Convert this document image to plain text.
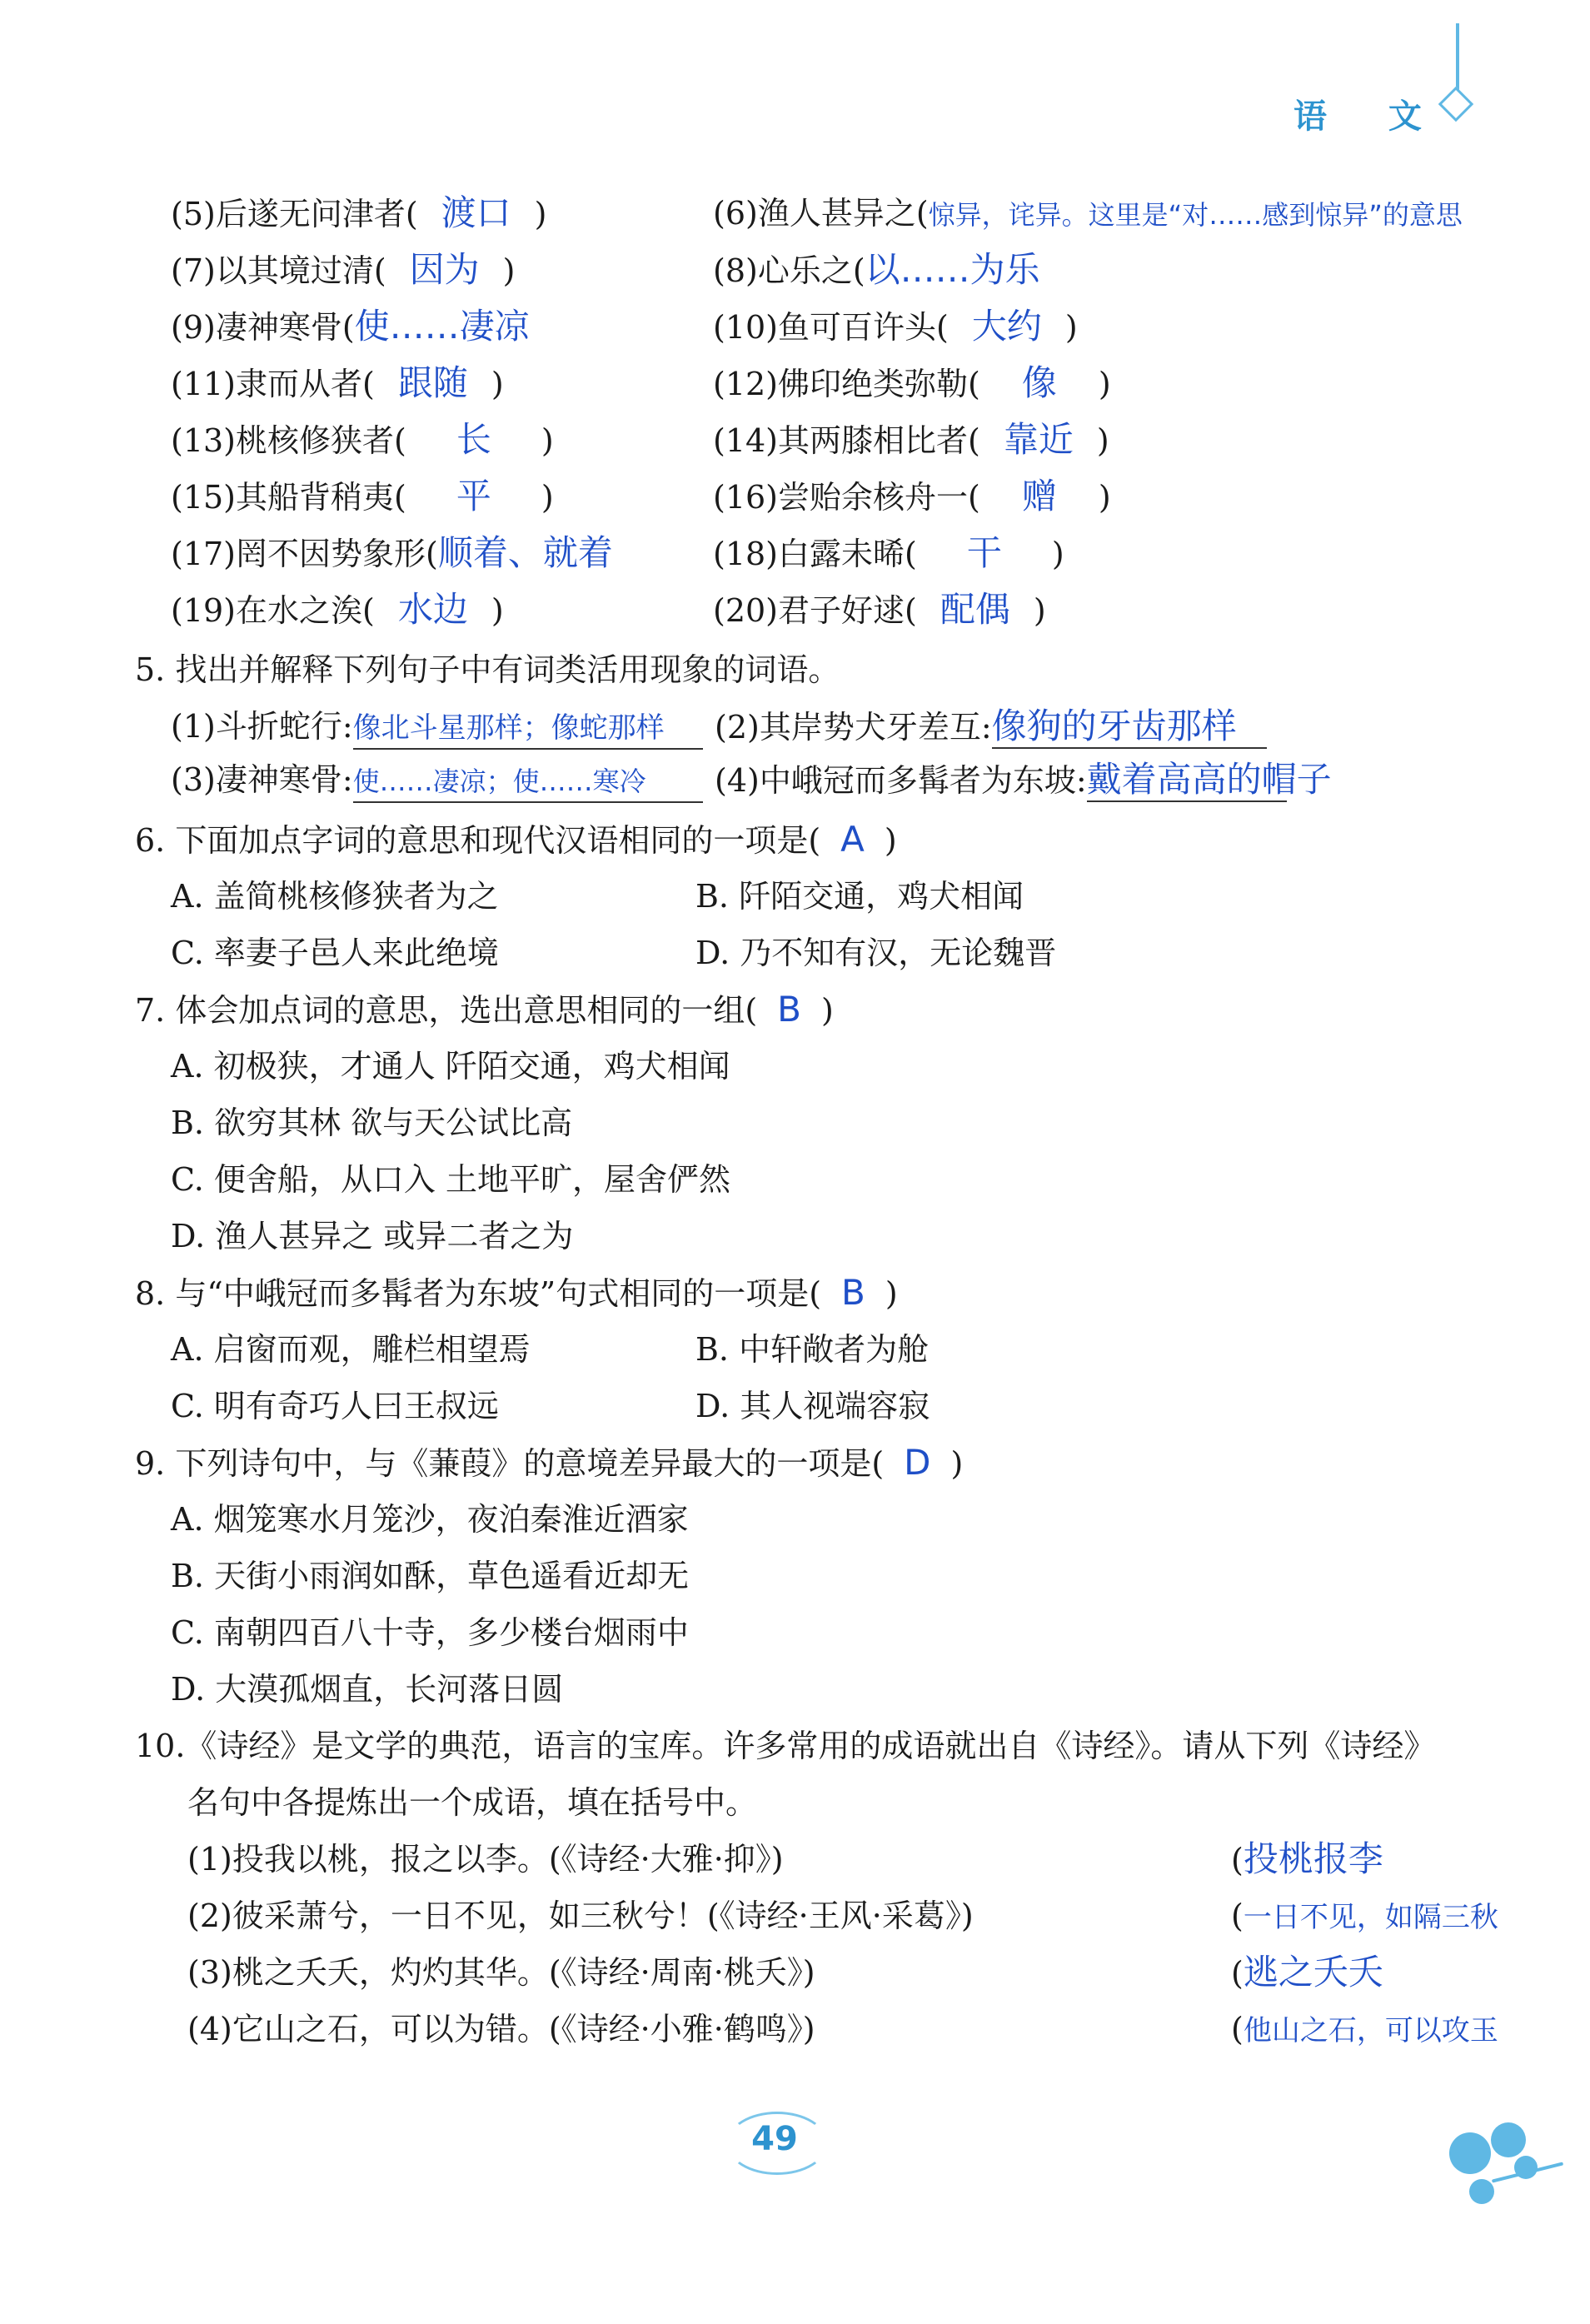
语 文
(5)后遂无问津者( 渡口 )	(6)渔人甚异之(惊异，诧异。这里是“对……感到惊异”的意思
(7)以其境过清( 因为 )	(8)心乐之(以……为乐
(9)凄神寒骨(使……凄凉	(10)鱼可百许头( 大约 )
(11)隶而从者( 跟随 )	(12)佛印绝类弥勒( 像 )
(13)桃核修狭者( 长 )	(14)其两膝相比者( 靠近 )
(15)其船背稍夷( 平 )	(16)尝贻余核舟一( 赠 )
(17)罔不因势象形(顺着、就着	(18)白露未晞( 干 )
(19)在水之涘( 水边 )	(20)君子好逑( 配偶 )
5. 找出并解释下列句子中有词类活用现象的词语。
(1)斗折蛇行:像北斗星那样；像蛇那样	(2)其岸势犬牙差互:像狗的牙齿那样
(3)凄神寒骨:使……凄凉；使……寒冷	(4)中峨冠而多髯者为东坡:戴着高高的帽子
6. 下面加点字词的意思和现代汉语相同的一项是( A )
A. 盖简桃核修狭者为之	B. 阡陌交通，鸡犬相闻
C. 率妻子邑人来此绝境	D. 乃不知有汉，无论魏晋
7. 体会加点词的意思，选出意思相同的一组( B )
A. 初极狭，才通人 阡陌交通，鸡犬相闻
B. 欲穷其林 欲与天公试比高
C. 便舍船，从口入 土地平旷，屋舍俨然
D. 渔人甚异之 或异二者之为
8. 与“中峨冠而多髯者为东坡”句式相同的一项是( B )
A. 启窗而观，雕栏相望焉	B. 中轩敞者为舱
C. 明有奇巧人曰王叔远	D. 其人视端容寂
9. 下列诗句中，与《蒹葭》的意境差异最大的一项是( D )
A. 烟笼寒水月笼沙，夜泊秦淮近酒家
B. 天街小雨润如酥，草色遥看近却无
C. 南朝四百八十寺，多少楼台烟雨中
D. 大漠孤烟直，长河落日圆
10.《诗经》是文学的典范，语言的宝库。许多常用的成语就出自《诗经》。请从下列《诗经》
名句中各提炼出一个成语，填在括号中。
(1)投我以桃，报之以李。(《诗经·大雅·抑》)	(投桃报李
(2)彼采萧兮，一日不见，如三秋兮！(《诗经·王风·采葛》)	(一日不见，如隔三秋
(3)桃之夭夭，灼灼其华。(《诗经·周南·桃夭》)	(逃之夭夭
(4)它山之石，可以为错。(《诗经·小雅·鹤鸣》)	(他山之石，可以攻玉
49
